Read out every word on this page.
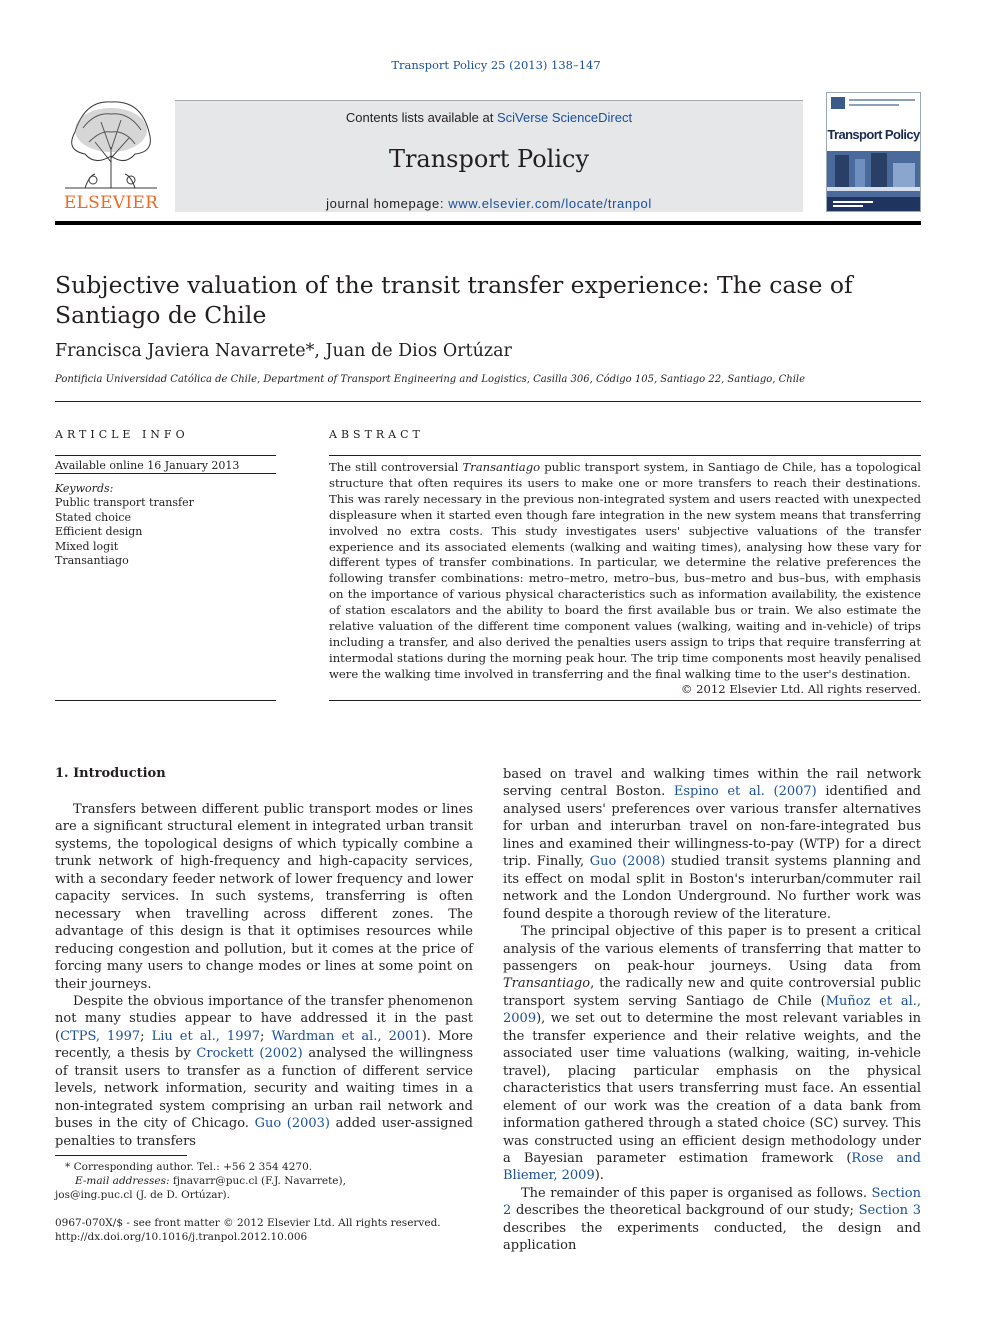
Transport Policy 25 (2013) 138–147
ELSEVIER
Contents lists available at SciVerse ScienceDirect
Transport Policy
journal homepage: www.elsevier.com/locate/tranpol
Transport Policy
Subjective valuation of the transit transfer experience: The case of Santiago de Chile
Francisca Javiera Navarrete*, Juan de Dios Ortúzar
Pontificia Universidad Católica de Chile, Department of Transport Engineering and Logistics, Casilla 306, Código 105, Santiago 22, Santiago, Chile
ARTICLE INFO	ABSTRACT
Available online 16 January 2013
Keywords:
Public transport transfer
Stated choice
Efficient design
Mixed logit
Transantiago
The still controversial Transantiago public transport system, in Santiago de Chile, has a topological structure that often requires its users to make one or more transfers to reach their destinations. This was rarely necessary in the previous non-integrated system and users reacted with unexpected displeasure when it started even though fare integration in the new system means that transferring involved no extra costs. This study investigates users' subjective valuations of the transfer experience and its associated elements (walking and waiting times), analysing how these vary for different types of transfer combinations. In particular, we determine the relative preferences the following transfer combinations: metro–metro, metro–bus, bus–metro and bus–bus, with emphasis on the importance of various physical characteristics such as information availability, the existence of station escalators and the ability to board the first available bus or train. We also estimate the relative valuation of the different time component values (walking, waiting and in-vehicle) of trips including a transfer, and also derived the penalties users assign to trips that require transferring at intermodal stations during the morning peak hour. The trip time components most heavily penalised were the walking time involved in transferring and the final walking time to the user's destination.
© 2012 Elsevier Ltd. All rights reserved.
1. Introduction

Transfers between different public transport modes or lines are a significant structural element in integrated urban transit systems, the topological designs of which typically combine a trunk network of high-frequency and high-capacity services, with a secondary feeder network of lower frequency and lower capacity services. In such systems, transferring is often necessary when travelling across different zones. The advantage of this design is that it optimises resources while reducing congestion and pollution, but it comes at the price of forcing many users to change modes or lines at some point on their journeys.

Despite the obvious importance of the transfer phenomenon not many studies appear to have addressed it in the past (CTPS, 1997; Liu et al., 1997; Wardman et al., 2001). More recently, a thesis by Crockett (2002) analysed the willingness of transit users to transfer as a function of different service levels, network information, security and waiting times in a non-integrated system comprising an urban rail network and buses in the city of Chicago. Guo (2003) added user-assigned penalties to transfers

based on travel and walking times within the rail network serving central Boston. Espino et al. (2007) identified and analysed users' preferences over various transfer alternatives for urban and interurban travel on non-fare-integrated bus lines and examined their willingness-to-pay (WTP) for a direct trip. Finally, Guo (2008) studied transit systems planning and its effect on modal split in Boston's interurban/commuter rail network and the London Underground. No further work was found despite a thorough review of the literature.

The principal objective of this paper is to present a critical analysis of the various elements of transferring that matter to passengers on peak-hour journeys. Using data from Transantiago, the radically new and quite controversial public transport system serving Santiago de Chile (Muñoz et al., 2009), we set out to determine the most relevant variables in the transfer experience and their relative weights, and the associated user time valuations (walking, waiting, in-vehicle travel), placing particular emphasis on the physical characteristics that users transferring must face. An essential element of our work was the creation of a data bank from information gathered through a stated choice (SC) survey. This was constructed using an efficient design methodology under a Bayesian parameter estimation framework (Rose and Bliemer, 2009).

The remainder of this paper is organised as follows. Section 2 describes the theoretical background of our study; Section 3 describes the experiments conducted, the design and application

* Corresponding author. Tel.: +56 2 354 4270.
E-mail addresses: fjnavarr@puc.cl (F.J. Navarrete),
jos@ing.puc.cl (J. de D. Ortúzar).
0967-070X/$ - see front matter © 2012 Elsevier Ltd. All rights reserved.
http://dx.doi.org/10.1016/j.tranpol.2012.10.006
